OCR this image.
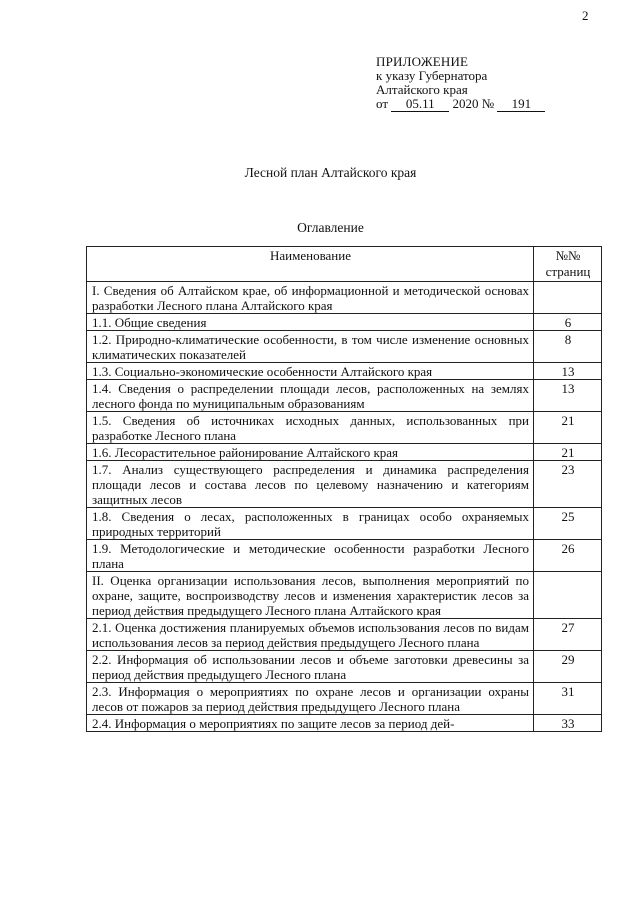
2
ПРИЛОЖЕНИЕ
к указу Губернатора
Алтайского края
от 05.11 2020 № 191
Лесной план Алтайского края
Оглавление
Наименование	№№
страниц

I. Сведения об Алтайском крае, об информационной и методической основах разработки Лесного плана Алтайского края	
1.1. Общие сведения	6
1.2. Природно-климатические особенности, в том числе изменение основных климатических показателей	8
1.3. Социально-экономические особенности Алтайского края	13
1.4. Сведения о распределении площади лесов, расположенных на землях лесного фонда по муниципальным образованиям	13
1.5. Сведения об источниках исходных данных, использованных при разработке Лесного плана	21
1.6. Лесорастительное районирование Алтайского края	21
1.7. Анализ существующего распределения и динамика распределения площади лесов и состава лесов по целевому назначению и категориям защитных лесов	23
1.8. Сведения о лесах, расположенных в границах особо охраняемых природных территорий	25
1.9. Методологические и методические особенности разработки Лесного плана	26
II. Оценка организации использования лесов, выполнения мероприятий по охране, защите, воспроизводству лесов и изменения характеристик лесов за период действия предыдущего Лесного плана Алтайского края	
2.1. Оценка достижения планируемых объемов использования лесов по видам использования лесов за период действия предыдущего Лесного плана	27
2.2. Информация об использовании лесов и объеме заготовки древесины за период действия предыдущего Лесного плана	29
2.3. Информация о мероприятиях по охране лесов и организации охраны лесов от пожаров за период действия предыдущего Лесного плана	31
2.4. Информация о мероприятиях по защите лесов за период дей-	33
